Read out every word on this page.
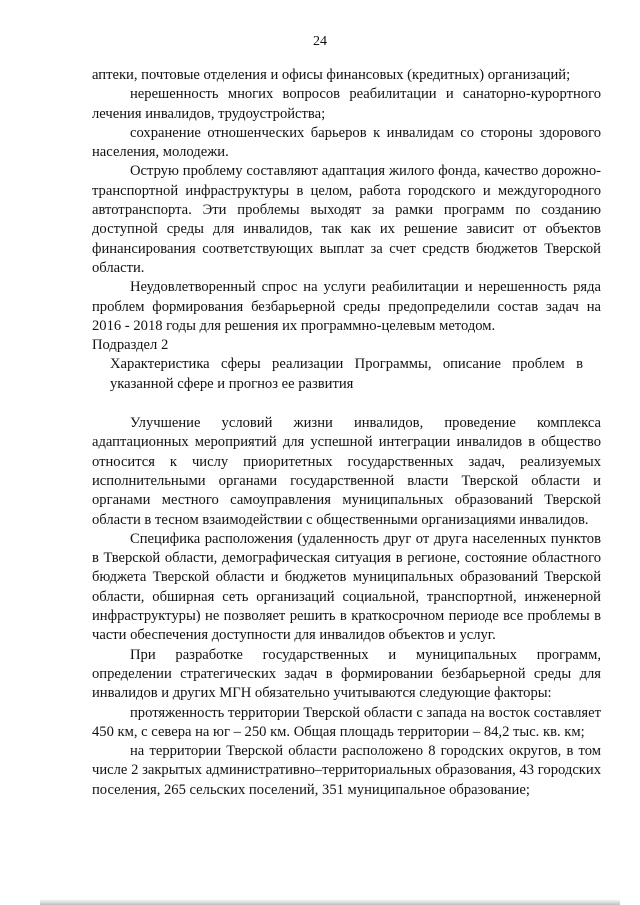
24

аптеки, почтовые отделения и офисы финансовых (кредитных) организаций;

нерешенность многих вопросов реабилитации и санаторно-курортного лечения инвалидов, трудоустройства;

сохранение отношенческих барьеров к инвалидам со стороны здорового населения, молодежи.

Острую проблему составляют адаптация жилого фонда, качество дорожно-транспортной инфраструктуры в целом, работа городского и междугородного автотранспорта. Эти проблемы выходят за рамки программ по созданию доступной среды для инвалидов, так как их решение зависит от объектов финансирования соответствующих выплат за счет средств бюджетов Тверской области.

Неудовлетворенный спрос на услуги реабилитации и нерешенность ряда проблем формирования безбарьерной среды предопределили состав задач на 2016 - 2018 годы для решения их программно-целевым методом.

Подраздел 2

Характеристика сферы реализации Программы, описание проблем в указанной сфере и прогноз ее развития

Улучшение условий жизни инвалидов, проведение комплекса адаптационных мероприятий для успешной интеграции инвалидов в общество относится к числу приоритетных государственных задач, реализуемых исполнительными органами государственной власти Тверской области и органами местного самоуправления муниципальных образований Тверской области в тесном взаимодействии с общественными организациями инвалидов.

Специфика расположения (удаленность друг от друга населенных пунктов в Тверской области, демографическая ситуация в регионе, состояние областного бюджета Тверской области и бюджетов муниципальных образований Тверской области, обширная сеть организаций социальной, транспортной, инженерной инфраструктуры) не позволяет решить в краткосрочном периоде все проблемы в части обеспечения доступности для инвалидов объектов и услуг.

При разработке государственных и муниципальных программ, определении стратегических задач в формировании безбарьерной среды для инвалидов и других МГН обязательно учитываются следующие факторы:

протяженность территории Тверской области с запада на восток составляет 450 км, с севера на юг – 250 км. Общая площадь территории – 84,2 тыс. кв. км;

на территории Тверской области расположено 8 городских округов, в том числе 2 закрытых административно–территориальных образования, 43 городских поселения, 265 сельских поселений, 351 муниципальное образование;
